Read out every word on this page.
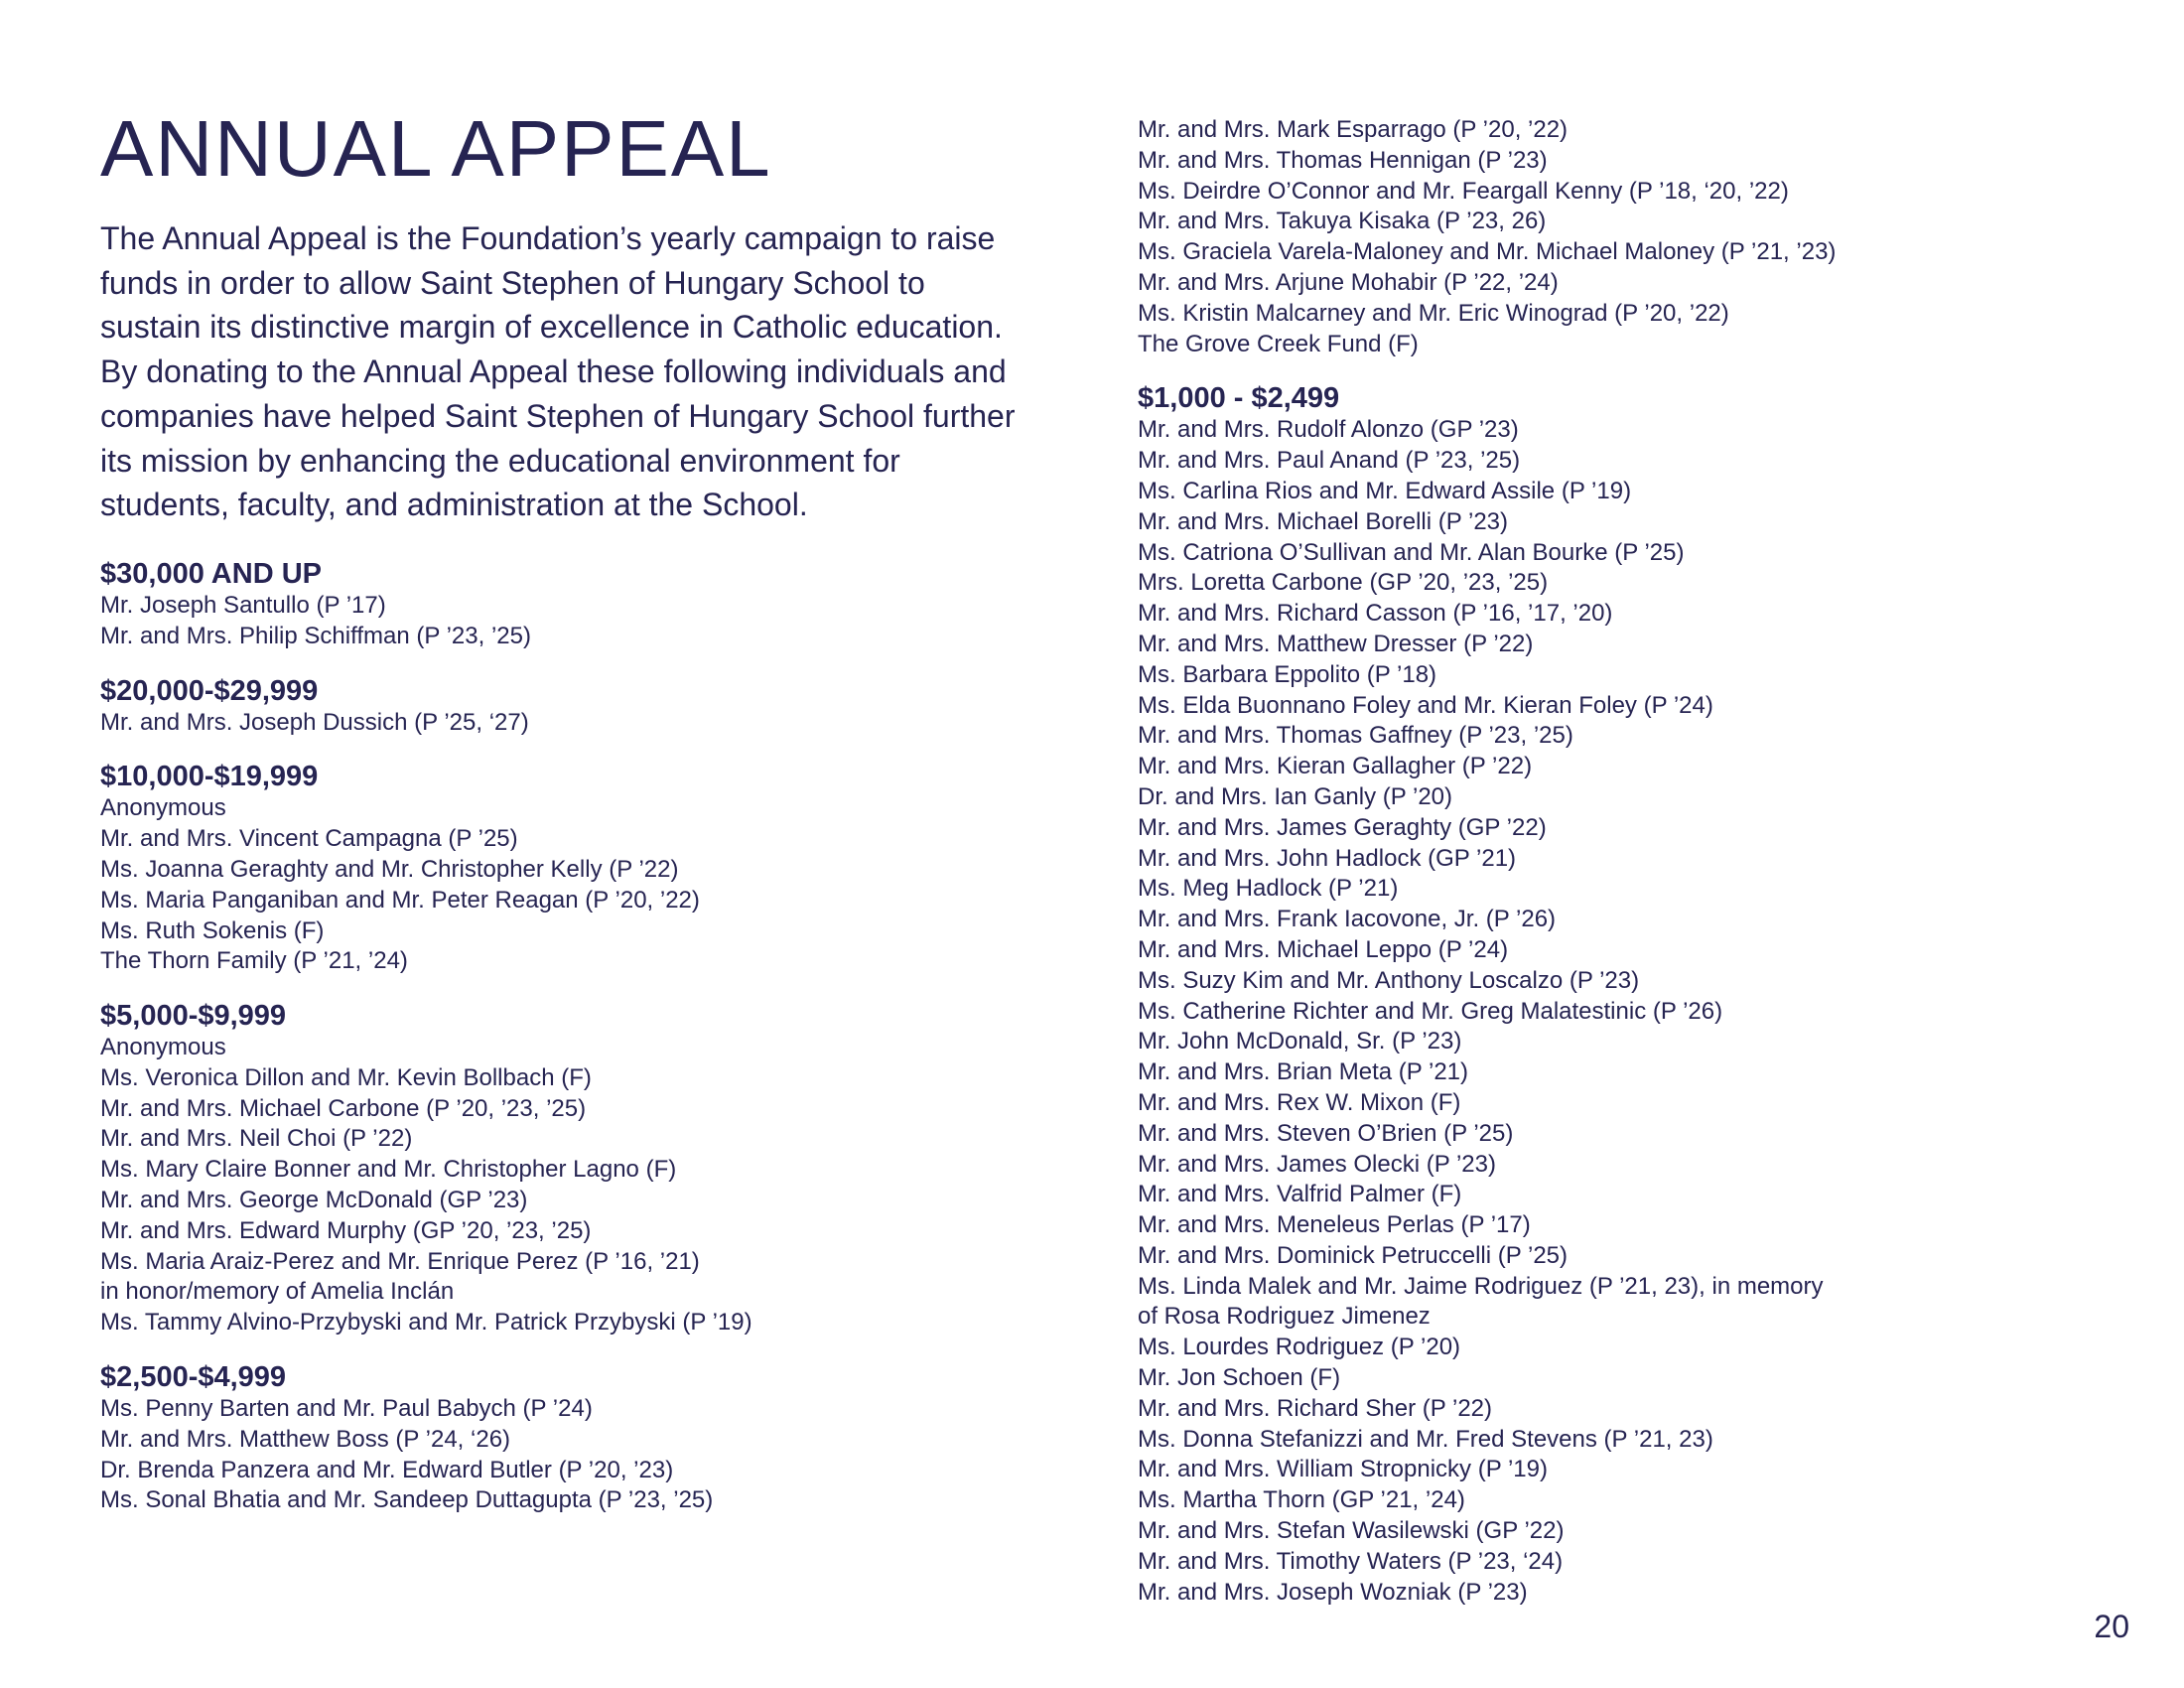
ANNUAL APPEAL

The Annual Appeal is the Foundation’s yearly campaign to raise funds in order to allow Saint Stephen of Hungary School to sustain its distinctive margin of excellence in Catholic education. By donating to the Annual Appeal these following individuals and companies have helped Saint Stephen of Hungary School further its mission by enhancing the educational environment for students, faculty, and administration at the School.

$30,000 AND UP
Mr. Joseph Santullo (P ’17)
Mr. and Mrs. Philip Schiffman (P ’23, ’25)
$20,000-$29,999
Mr. and Mrs. Joseph Dussich (P ’25, ‘27)
$10,000-$19,999
Anonymous
Mr. and Mrs. Vincent Campagna (P ’25)
Ms. Joanna Geraghty and Mr. Christopher Kelly (P ’22)
Ms. Maria Panganiban and Mr. Peter Reagan (P ’20, ’22)
Ms. Ruth Sokenis (F)
The Thorn Family (P ’21, ’24)
$5,000-$9,999
Anonymous
Ms. Veronica Dillon and Mr. Kevin Bollbach (F)
Mr. and Mrs. Michael Carbone (P ’20, ’23, ’25)
Mr. and Mrs. Neil Choi (P ’22)
Ms. Mary Claire Bonner and Mr. Christopher Lagno (F)
Mr. and Mrs. George McDonald (GP ’23)
Mr. and Mrs. Edward Murphy (GP ’20, ’23, ’25)
Ms. Maria Araiz-Perez and Mr. Enrique Perez (P ’16, ’21)
in honor/memory of Amelia Inclán
Ms. Tammy Alvino-Przybyski and Mr. Patrick Przybyski (P ’19)
$2,500-$4,999
Ms. Penny Barten and Mr. Paul Babych (P ’24)
Mr. and Mrs. Matthew Boss (P ’24, ‘26)
Dr. Brenda Panzera and Mr. Edward Butler (P ’20, ’23)
Ms. Sonal Bhatia and Mr. Sandeep Duttagupta (P ’23, ’25)
Mr. and Mrs. Mark Esparrago (P ’20, ’22)
Mr. and Mrs. Thomas Hennigan (P ’23)
Ms. Deirdre O’Connor and Mr. Feargall Kenny (P ’18, ‘20, ’22)
Mr. and Mrs. Takuya Kisaka (P ’23, 26)
Ms. Graciela Varela-Maloney and Mr. Michael Maloney (P ’21, ’23)
Mr. and Mrs. Arjune Mohabir (P ’22, ’24)
Ms. Kristin Malcarney and Mr. Eric Winograd (P ’20, ’22)
The Grove Creek Fund (F)
$1,000 - $2,499
Mr. and Mrs. Rudolf Alonzo (GP ’23)
Mr. and Mrs. Paul Anand (P ’23, ’25)
Ms. Carlina Rios and Mr. Edward Assile (P ’19)
Mr. and Mrs. Michael Borelli (P ’23)
Ms. Catriona O’Sullivan and Mr. Alan Bourke (P ’25)
Mrs. Loretta Carbone (GP ’20, ’23, ’25)
Mr. and Mrs. Richard Casson (P ’16, ’17, ’20)
Mr. and Mrs. Matthew Dresser (P ’22)
Ms. Barbara Eppolito (P ’18)
Ms. Elda Buonnano Foley and Mr. Kieran Foley (P ’24)
Mr. and Mrs. Thomas Gaffney (P ’23, ’25)
Mr. and Mrs. Kieran Gallagher (P ’22)
Dr. and Mrs. Ian Ganly (P ’20)
Mr. and Mrs. James Geraghty (GP ’22)
Mr. and Mrs. John Hadlock (GP ’21)
Ms. Meg Hadlock (P ’21)
Mr. and Mrs. Frank Iacovone, Jr. (P ’26)
Mr. and Mrs. Michael Leppo (P ’24)
Ms. Suzy Kim and Mr. Anthony Loscalzo (P ’23)
Ms. Catherine Richter and Mr. Greg Malatestinic (P ’26)
Mr. John McDonald, Sr. (P ’23)
Mr. and Mrs. Brian Meta (P ’21)
Mr. and Mrs. Rex W. Mixon (F)
Mr. and Mrs. Steven O’Brien (P ’25)
Mr. and Mrs. James Olecki (P ’23)
Mr. and Mrs. Valfrid Palmer (F)
Mr. and Mrs. Meneleus Perlas (P ’17)
Mr. and Mrs. Dominick Petruccelli (P ’25)
Ms. Linda Malek and Mr. Jaime Rodriguez (P ’21, 23), in memory
of Rosa Rodriguez Jimenez
Ms. Lourdes Rodriguez (P ’20)
Mr. Jon Schoen (F)
Mr. and Mrs. Richard Sher (P ’22)
Ms. Donna Stefanizzi and Mr. Fred Stevens (P ’21, 23)
Mr. and Mrs. William Stropnicky (P ’19)
Ms. Martha Thorn (GP ’21, ’24)
Mr. and Mrs. Stefan Wasilewski (GP ’22)
Mr. and Mrs. Timothy Waters (P ’23, ‘24)
Mr. and Mrs. Joseph Wozniak (P ’23)
20
